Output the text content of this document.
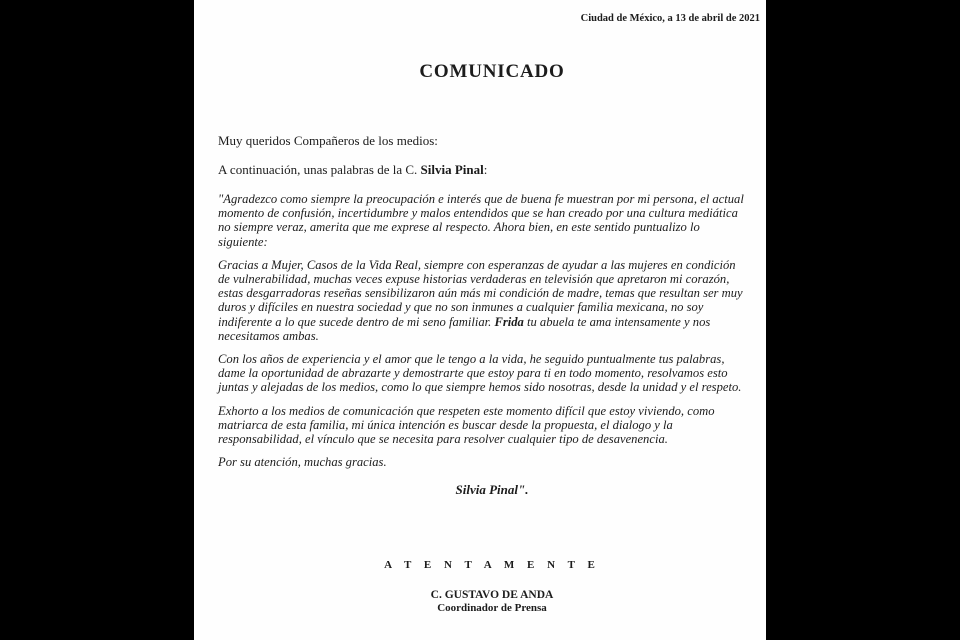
Ciudad de México, a 13 de abril de 2021
COMUNICADO
Muy queridos Compañeros de los medios:
A continuación, unas palabras de la C. Silvia Pinal:

"Agradezco como siempre la preocupación e interés que de buena fe muestran por mi persona, el actual momento de confusión, incertidumbre y malos entendidos que se han creado por una cultura mediática no siempre veraz, amerita que me exprese al respecto. Ahora bien, en este sentido puntualizo lo siguiente:

Gracias a Mujer, Casos de la Vida Real, siempre con esperanzas de ayudar a las mujeres en condición de vulnerabilidad, muchas veces expuse historias verdaderas en televisión que apretaron mi corazón, estas desgarradoras reseñas sensibilizaron aún más mi condición de madre, temas que resultan ser muy duros y difíciles en nuestra sociedad y que no son inmunes a cualquier familia mexicana, no soy indiferente a lo que sucede dentro de mi seno familiar. Frida tu abuela te ama intensamente y nos necesitamos ambas.

Con los años de experiencia y el amor que le tengo a la vida, he seguido puntualmente tus palabras, dame la oportunidad de abrazarte y demostrarte que estoy para ti en todo momento, resolvamos esto juntas y alejadas de los medios, como lo que siempre hemos sido nosotras, desde la unidad y el respeto.

Exhorto a los medios de comunicación que respeten este momento difícil que estoy viviendo, como matriarca de esta familia, mi única intención es buscar desde la propuesta, el dialogo y la responsabilidad, el vínculo que se necesita para resolver cualquier tipo de desavenencia.

Por su atención, muchas gracias.

Silvia Pinal".
A T E N T A M E N T E
C. GUSTAVO DE ANDA
Coordinador de Prensa
